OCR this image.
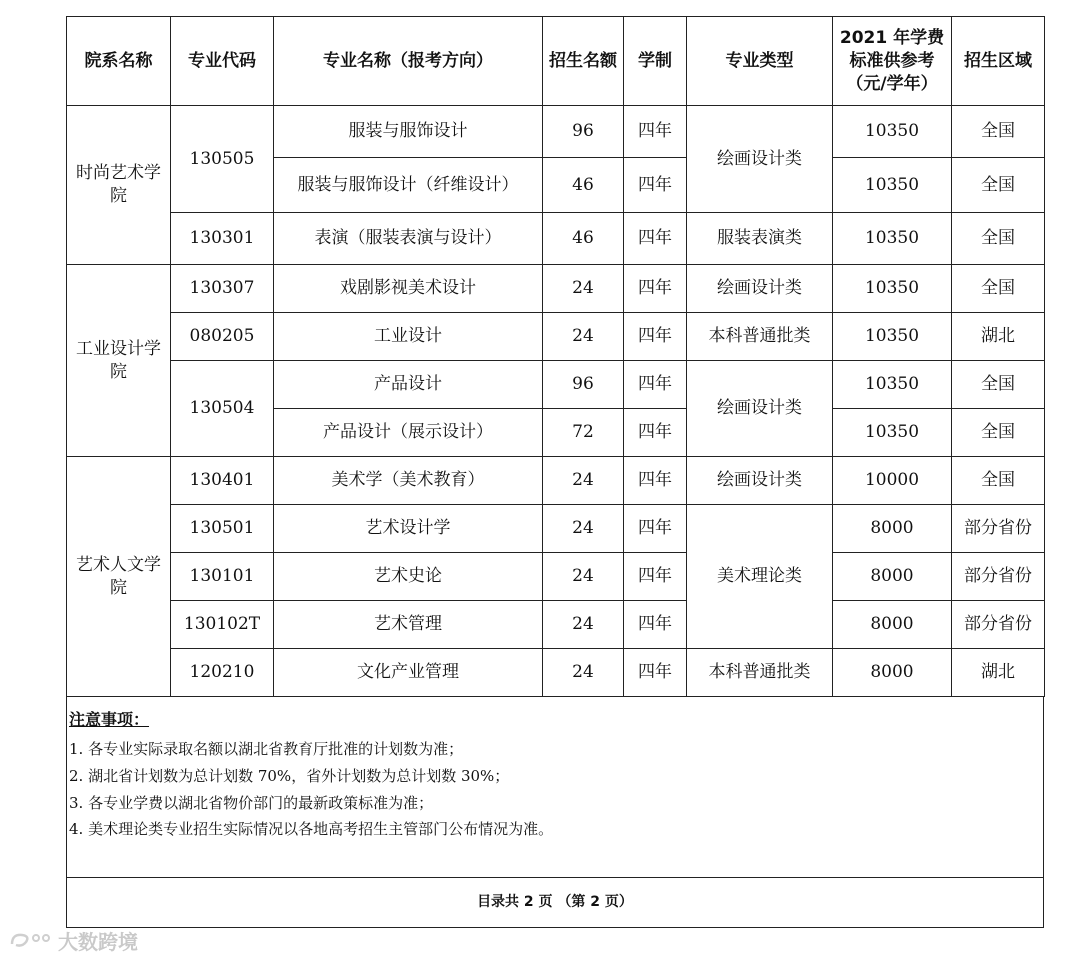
院系名称	专业代码	专业名称（报考方向）	招生名额	学制	专业类型	2021 年学费标准供参考（元/学年）	招生区域
时尚艺术学院	130505	服装与服饰设计	96	四年	绘画设计类	10350	全国
		服装与服饰设计（纤维设计）	46	四年		10350	全国
	130301	表演（服装表演与设计）	46	四年	服装表演类	10350	全国
工业设计学院	130307	戏剧影视美术设计	24	四年	绘画设计类	10350	全国
	080205	工业设计	24	四年	本科普通批类	10350	湖北
	130504	产品设计	96	四年	绘画设计类	10350	全国
		产品设计（展示设计）	72	四年		10350	全国
艺术人文学院	130401	美术学（美术教育）	24	四年	绘画设计类	10000	全国
	130501	艺术设计学	24	四年	美术理论类	8000	部分省份
	130101	艺术史论	24	四年		8000	部分省份
	130102T	艺术管理	24	四年		8000	部分省份
	120210	文化产业管理	24	四年	本科普通批类	8000	湖北
注意事项：
1. 各专业实际录取名额以湖北省教育厅批准的计划数为准；
2. 湖北省计划数为总计划数 70%，省外计划数为总计划数 30%；
3. 各专业学费以湖北省物价部门的最新政策标准为准；
4. 美术理论类专业招生实际情况以各地高考招生主管部门公布情况为准。
目录共 2 页 （第 2 页）
大数跨境
